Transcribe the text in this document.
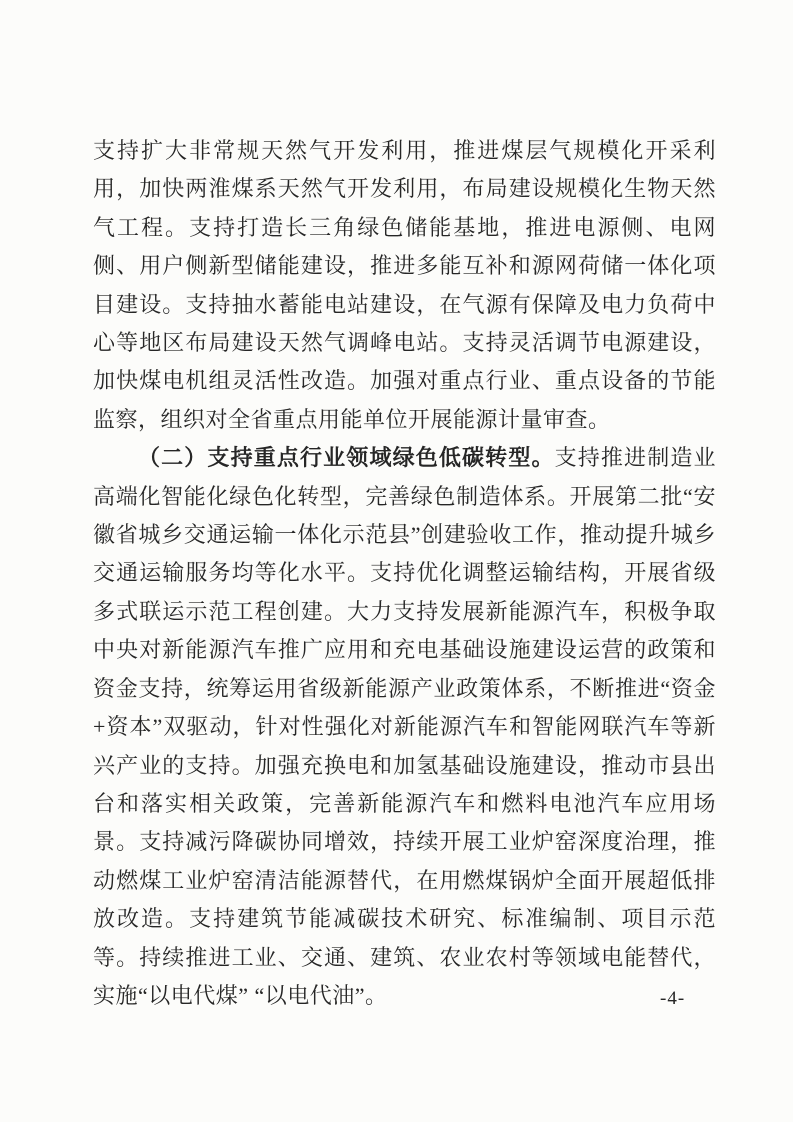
支持扩大非常规天然气开发利用，推进煤层气规模化开采利用，加快两淮煤系天然气开发利用，布局建设规模化生物天然气工程。支持打造长三角绿色储能基地，推进电源侧、电网侧、用户侧新型储能建设，推进多能互补和源网荷储一体化项目建设。支持抽水蓄能电站建设，在气源有保障及电力负荷中心等地区布局建设天然气调峰电站。支持灵活调节电源建设，加快煤电机组灵活性改造。加强对重点行业、重点设备的节能监察，组织对全省重点用能单位开展能源计量审查。

（二）支持重点行业领域绿色低碳转型。支持推进制造业高端化智能化绿色化转型，完善绿色制造体系。开展第二批“安徽省城乡交通运输一体化示范县”创建验收工作，推动提升城乡交通运输服务均等化水平。支持优化调整运输结构，开展省级多式联运示范工程创建。大力支持发展新能源汽车，积极争取中央对新能源汽车推广应用和充电基础设施建设运营的政策和资金支持，统筹运用省级新能源产业政策体系，不断推进“资金+资本”双驱动，针对性强化对新能源汽车和智能网联汽车等新兴产业的支持。加强充换电和加氢基础设施建设，推动市县出台和落实相关政策，完善新能源汽车和燃料电池汽车应用场景。支持减污降碳协同增效，持续开展工业炉窑深度治理，推动燃煤工业炉窑清洁能源替代，在用燃煤锅炉全面开展超低排放改造。支持建筑节能减碳技术研究、标准编制、项目示范等。持续推进工业、交通、建筑、农业农村等领域电能替代，实施“以电代煤” “以电代油”。	-4-
